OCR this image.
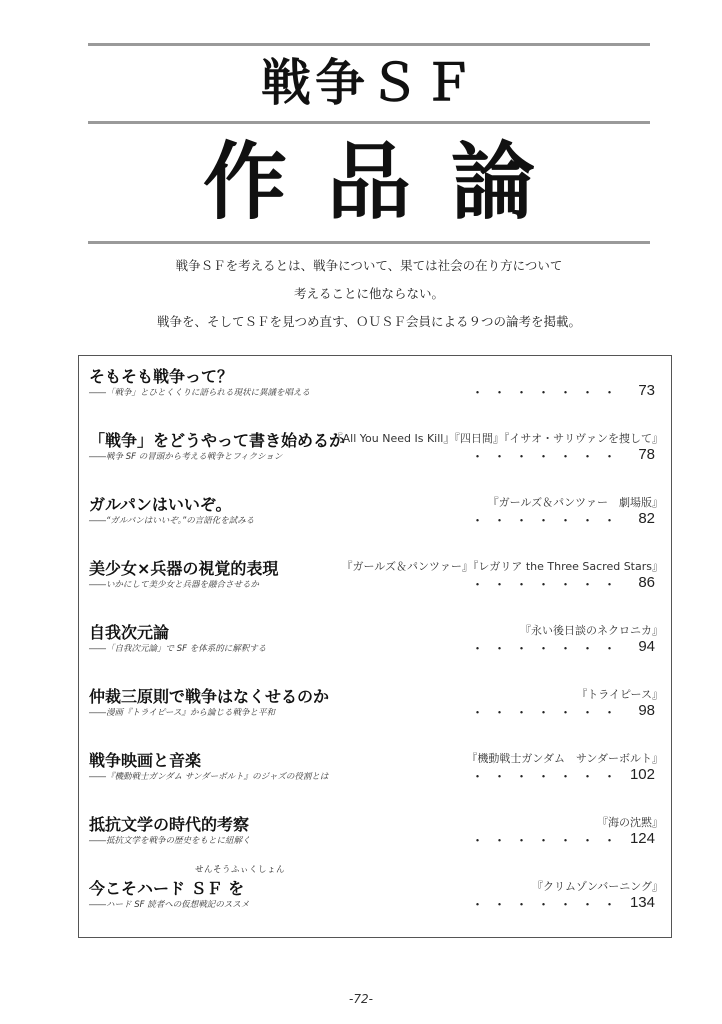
戦争ＳＦ
作品論
戦争ＳＦを考えるとは、戦争について、果ては社会の在り方について
考えることに他ならない。
戦争を、そしてＳＦを見つめ直す、ＯＵＳＦ会員による９つの論考を掲載。
そもそも戦争って？
――「戦争」とひとくくりに語られる現状に異議を唱える	・・・・・・・ 73
「戦争」をどうやって書き始めるか
――戦争 SF の冒頭から考える戦争とフィクション
『All You Need Is Kill』『四日間』『イサオ・サリヴァンを捜して』
・・・・・・・ 78
ガルパンはいいぞ。
――“ガルパンはいいぞ。”の言語化を試みる
『ガールズ＆パンツァー　劇場版』
・・・・・・・ 82
美少女×兵器の視覚的表現
――いかにして美少女と兵器を融合させるか
『ガールズ＆パンツァー』『レガリア the Three Sacred Stars』
・・・・・・・ 86
自我次元論
――「自我次元論」で SF を体系的に解釈する
『永い後日談のネクロニカ』
・・・・・・・ 94
仲裁三原則で戦争はなくせるのか
――漫画『トライピース』から論じる戦争と平和
『トライピース』
・・・・・・・ 98
戦争映画と音楽
――『機動戦士ガンダム サンダーボルト』のジャズの役割とは
『機動戦士ガンダム　サンダーボルト』
・・・・・・・ 102
抵抗文学の時代的考察
――抵抗文学を戦争の歴史をもとに紐解く
『海の沈黙』
・・・・・・・ 124
今こそハード ＳＦ を
せんそうふぃくしょん
――ハード SF 読者への仮想戦記のススメ
『クリムゾンバーニング』
・・・・・・・ 134
-72-
